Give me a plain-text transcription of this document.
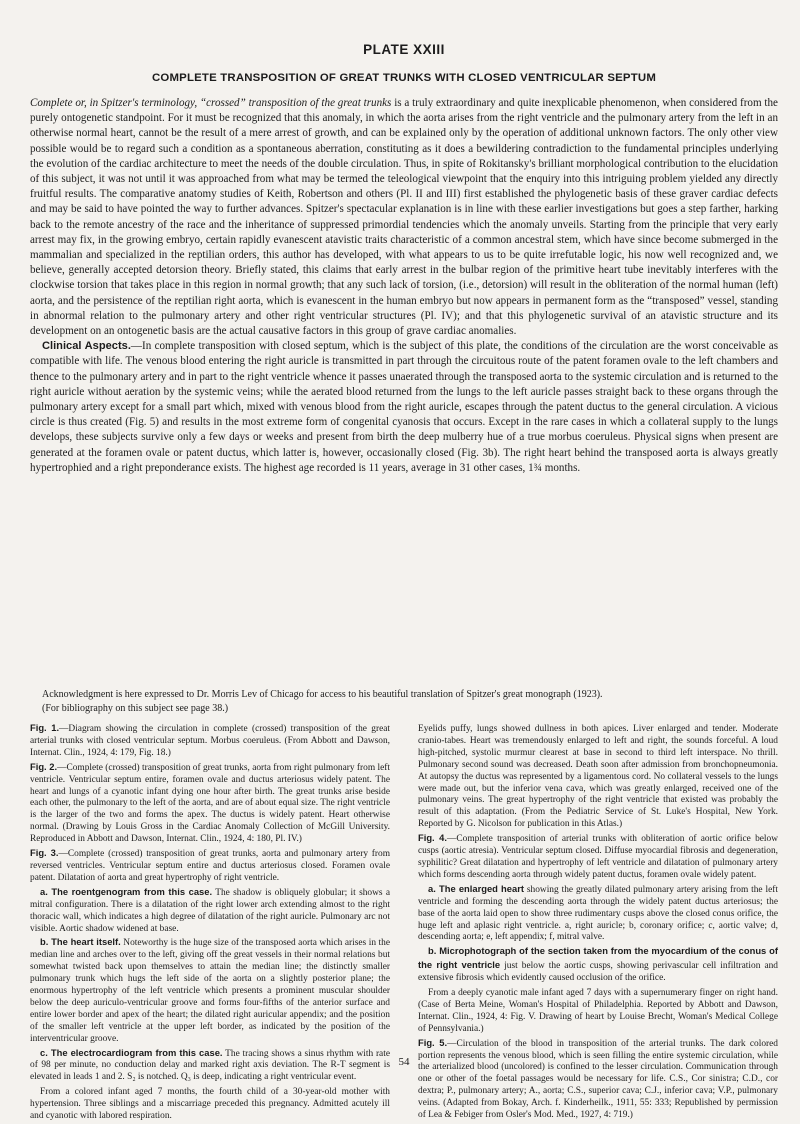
PLATE XXIII
COMPLETE TRANSPOSITION OF GREAT TRUNKS WITH CLOSED VENTRICULAR SEPTUM

Complete or, in Spitzer's terminology, “crossed” transposition of the great trunks is a truly extraordinary and quite inexplicable phenomenon, when considered from the purely ontogenetic standpoint. For it must be recognized that this anomaly, in which the aorta arises from the right ventricle and the pulmonary artery from the left in an otherwise normal heart, cannot be the result of a mere arrest of growth, and can be explained only by the operation of additional unknown factors. The only other view possible would be to regard such a condition as a spontaneous aberration, constituting as it does a bewildering contradiction to the fundamental principles underlying the evolution of the cardiac architecture to meet the needs of the double circulation. Thus, in spite of Rokitansky's brilliant morphological contribution to the elucidation of this subject, it was not until it was approached from what may be termed the teleological viewpoint that the enquiry into this intriguing problem yielded any directly fruitful results. The comparative anatomy studies of Keith, Robertson and others (Pl. II and III) first established the phylogenetic basis of these graver cardiac defects and may be said to have pointed the way to further advances. Spitzer's spectacular explanation is in line with these earlier investigations but goes a step farther, harking back to the remote ancestry of the race and the inheritance of suppressed primordial tendencies which the anomaly unveils. Starting from the principle that very early arrest may fix, in the growing embryo, certain rapidly evanescent atavistic traits characteristic of a common ancestral stem, which have since become submerged in the mammalian and specialized in the reptilian orders, this author has developed, with what appears to us to be quite irrefutable logic, his now well recognized and, we believe, generally accepted detorsion theory. Briefly stated, this claims that early arrest in the bulbar region of the primitive heart tube inevitably interferes with the clockwise torsion that takes place in this region in normal growth; that any such lack of torsion, (i.e., detorsion) will result in the obliteration of the normal human (left) aorta, and the persistence of the reptilian right aorta, which is evanescent in the human embryo but now appears in permanent form as the “transposed” vessel, standing in abnormal relation to the pulmonary artery and other right ventricular structures (Pl. IV); and that this phylogenetic survival of an atavistic structure and its development on an ontogenetic basis are the actual causative factors in this group of grave cardiac anomalies.

Clinical Aspects.—In complete transposition with closed septum, which is the subject of this plate, the conditions of the circulation are the worst conceivable as compatible with life. The venous blood entering the right auricle is transmitted in part through the circuitous route of the patent foramen ovale to the left chambers and thence to the pulmonary artery and in part to the right ventricle whence it passes unaerated through the transposed aorta to the systemic circulation and is returned to the right auricle without aeration by the systemic veins; while the aerated blood returned from the lungs to the left auricle passes straight back to these organs through the pulmonary artery except for a small part which, mixed with venous blood from the right auricle, escapes through the patent ductus to the general circulation. A vicious circle is thus created (Fig. 5) and results in the most extreme form of congenital cyanosis that occurs. Except in the rare cases in which a collateral supply to the lungs develops, these subjects survive only a few days or weeks and present from birth the deep mulberry hue of a true morbus coeruleus. Physical signs when present are generated at the foramen ovale or patent ductus, which latter is, however, occasionally closed (Fig. 3b). The right heart behind the transposed aorta is always greatly hypertrophied and a right preponderance exists. The highest age recorded is 11 years, average in 31 other cases, 1¾ months.

Acknowledgment is here expressed to Dr. Morris Lev of Chicago for access to his beautiful translation of Spitzer's great monograph (1923).

(For bibliography on this subject see page 38.)

Fig. 1.—Diagram showing the circulation in complete (crossed) transposition of the great arterial trunks with closed ventricular septum. Morbus coeruleus. (From Abbott and Dawson, Internat. Clin., 1924, 4: 179, Fig. 18.)

Fig. 2.—Complete (crossed) transposition of great trunks, aorta from right pulmonary from left ventricle. Ventricular septum entire, foramen ovale and ductus arteriosus widely patent. The heart and lungs of a cyanotic infant dying one hour after birth. The great trunks arise beside each other, the pulmonary to the left of the aorta, and are of about equal size. The right ventricle is the larger of the two and forms the apex. The ductus is widely patent. Heart otherwise normal. (Drawing by Louis Gross in the Cardiac Anomaly Collection of McGill University. Reproduced in Abbott and Dawson, Internat. Clin., 1924, 4: 180, Pl. IV.)

Fig. 3.—Complete (crossed) transposition of great trunks, aorta and pulmonary artery from reversed ventricles. Ventricular septum entire and ductus arteriosus closed. Foramen ovale patent. Dilatation of aorta and great hypertrophy of right ventricle.

a. The roentgenogram from this case. The shadow is obliquely globular; it shows a mitral configuration. There is a dilatation of the right lower arch extending almost to the right thoracic wall, which indicates a high degree of dilatation of the right auricle. Pulmonary arc not visible. Aortic shadow widened at base.

b. The heart itself. Noteworthy is the huge size of the transposed aorta which arises in the median line and arches over to the left, giving off the great vessels in their normal relations but somewhat twisted back upon themselves to attain the median line; the distinctly smaller pulmonary trunk which hugs the left side of the aorta on a slightly posterior plane; the enormous hypertrophy of the left ventricle which presents a prominent muscular shoulder below the deep auriculo-ventricular groove and forms four-fifths of the anterior surface and entire lower border and apex of the heart; the dilated right auricular appendix; and the position of the smaller left ventricle at the upper left border, as indicated by the position of the interventricular groove.

c. The electrocardiogram from this case. The tracing shows a sinus rhythm with rate of 98 per minute, no conduction delay and marked right axis deviation. The R-T segment is elevated in leads 1 and 2. S₂ is notched. Q₃ is deep, indicating a right ventricular event.

From a colored infant aged 7 months, the fourth child of a 30-year-old mother with hypertension. Three siblings and a miscarriage preceded this pregnancy. Admitted acutely ill and cyanotic with labored respiration.

Eyelids puffy, lungs showed dullness in both apices. Liver enlarged and tender. Moderate cranio-tabes. Heart was tremendously enlarged to left and right, the sounds forceful. A loud high-pitched, systolic murmur clearest at base in second to third left interspace. No thrill. Pulmonary second sound was decreased. Death soon after admission from bronchopneumonia. At autopsy the ductus was represented by a ligamentous cord. No collateral vessels to the lungs were made out, but the inferior vena cava, which was greatly enlarged, received one of the pulmonary veins. The great hypertrophy of the right ventricle that existed was probably the result of this adaptation. (From the Pediatric Service of St. Luke's Hospital, New York. Reported by G. Nicolson for publication in this Atlas.)

Fig. 4.—Complete transposition of arterial trunks with obliteration of aortic orifice below cusps (aortic atresia). Ventricular septum closed. Diffuse myocardial fibrosis and degeneration, syphilitic? Great dilatation and hypertrophy of left ventricle and dilatation of pulmonary artery which forms descending aorta through widely patent ductus, foramen ovale widely patent.

a. The enlarged heart showing the greatly dilated pulmonary artery arising from the left ventricle and forming the descending aorta through the widely patent ductus arteriosus; the base of the aorta laid open to show three rudimentary cusps above the closed conus orifice, the huge left and aplasic right ventricle. a, right auricle; b, coronary orifice; c, aortic valve; d, descending aorta; e, left appendix; f, mitral valve.

b. Microphotograph of the section taken from the myocardium of the conus of the right ventricle just below the aortic cusps, showing perivascular cell infiltration and extensive fibrosis which evidently caused occlusion of the orifice.

From a deeply cyanotic male infant aged 7 days with a supernumerary finger on right hand. (Case of Berta Meine, Woman's Hospital of Philadelphia. Reported by Abbott and Dawson, Internat. Clin., 1924, 4: Fig. V. Drawing of heart by Louise Brecht, Woman's Medical College of Pennsylvania.)

Fig. 5.—Circulation of the blood in transposition of the arterial trunks. The dark colored portion represents the venous blood, which is seen filling the entire systemic circulation, while the arterialized blood (uncolored) is confined to the lesser circulation. Communication through one or other of the foetal passages would be necessary for life. C.S., Cor sinistra; C.D., cor dextra; P., pulmonary artery; A., aorta; C.S., superior cava; C.J., inferior cava; V.P., pulmonary veins. (Adapted from Bokay, Arch. f. Kinderheilk., 1911, 55: 333; Republished by permission of Lea & Febiger from Osler's Mod. Med., 1927, 4: 719.)

54
